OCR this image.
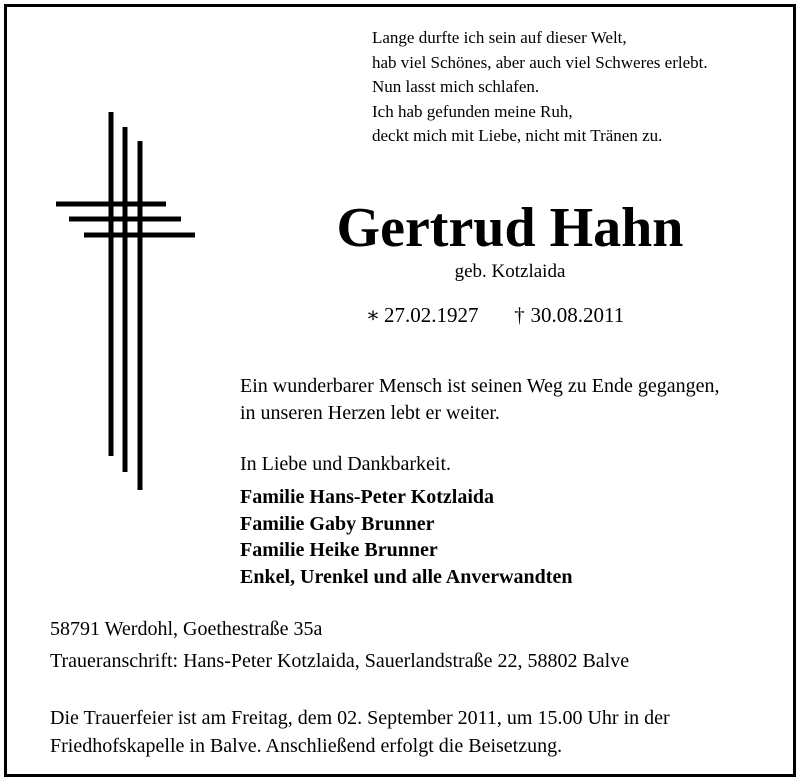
Lange durfte ich sein auf dieser Welt,
hab viel Schönes, aber auch viel Schweres erlebt.
Nun lasst mich schlafen.
Ich hab gefunden meine Ruh,
deckt mich mit Liebe, nicht mit Tränen zu.
Gertrud Hahn
geb. Kotzlaida
∗ 27.02.1927 † 30.08.2011
Ein wunderbarer Mensch ist seinen Weg zu Ende gegangen,
in unseren Herzen lebt er weiter.
In Liebe und Dankbarkeit.
Familie Hans-Peter Kotzlaida
Familie Gaby Brunner
Familie Heike Brunner
Enkel, Urenkel und alle Anverwandten
58791 Werdohl, Goethestraße 35a
Traueranschrift: Hans-Peter Kotzlaida, Sauerlandstraße 22, 58802 Balve
Die Trauerfeier ist am Freitag, dem 02. September 2011, um 15.00 Uhr in der
Friedhofskapelle in Balve. Anschließend erfolgt die Beisetzung.
